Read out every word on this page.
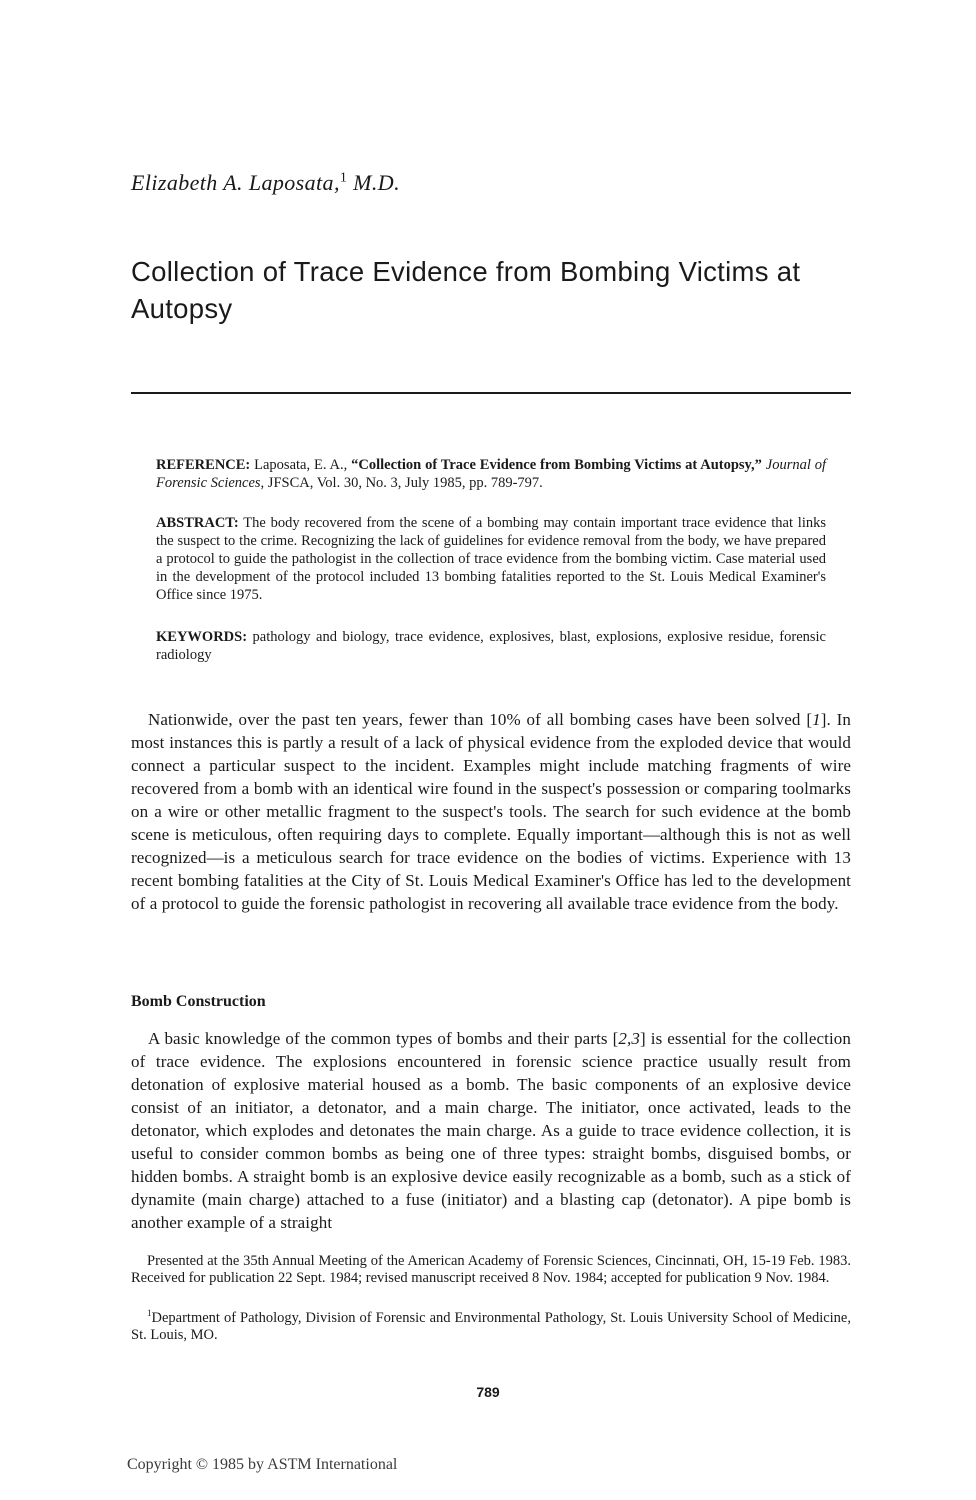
Elizabeth A. Laposata,$^1$ M.D.
Collection of Trace Evidence from Bombing Victims at Autopsy

REFERENCE: Laposata, E. A., “Collection of Trace Evidence from Bombing Victims at Autopsy,” Journal of Forensic Sciences, JFSCA, Vol. 30, No. 3, July 1985, pp. 789-797.

ABSTRACT: The body recovered from the scene of a bombing may contain important trace evidence that links the suspect to the crime. Recognizing the lack of guidelines for evidence removal from the body, we have prepared a protocol to guide the pathologist in the collection of trace evidence from the bombing victim. Case material used in the development of the protocol included 13 bombing fatalities reported to the St. Louis Medical Examiner's Office since 1975.

KEYWORDS: pathology and biology, trace evidence, explosives, blast, explosions, explosive residue, forensic radiology

Nationwide, over the past ten years, fewer than 10% of all bombing cases have been solved [1]. In most instances this is partly a result of a lack of physical evidence from the exploded device that would connect a particular suspect to the incident. Examples might include matching fragments of wire recovered from a bomb with an identical wire found in the suspect's possession or comparing toolmarks on a wire or other metallic fragment to the suspect's tools. The search for such evidence at the bomb scene is meticulous, often requiring days to complete. Equally important—although this is not as well recognized—is a meticulous search for trace evidence on the bodies of victims. Experience with 13 recent bombing fatalities at the City of St. Louis Medical Examiner's Office has led to the development of a protocol to guide the forensic pathologist in recovering all available trace evidence from the body.

Bomb Construction

A basic knowledge of the common types of bombs and their parts [2,3] is essential for the collection of trace evidence. The explosions encountered in forensic science practice usually result from detonation of explosive material housed as a bomb. The basic components of an explosive device consist of an initiator, a detonator, and a main charge. The initiator, once activated, leads to the detonator, which explodes and detonates the main charge. As a guide to trace evidence collection, it is useful to consider common bombs as being one of three types: straight bombs, disguised bombs, or hidden bombs. A straight bomb is an explosive device easily recognizable as a bomb, such as a stick of dynamite (main charge) attached to a fuse (initiator) and a blasting cap (detonator). A pipe bomb is another example of a straight

Presented at the 35th Annual Meeting of the American Academy of Forensic Sciences, Cincinnati, OH, 15-19 Feb. 1983. Received for publication 22 Sept. 1984; revised manuscript received 8 Nov. 1984; accepted for publication 9 Nov. 1984.

$^1$Department of Pathology, Division of Forensic and Environmental Pathology, St. Louis University School of Medicine, St. Louis, MO.

789
Copyright © 1985 by ASTM International
